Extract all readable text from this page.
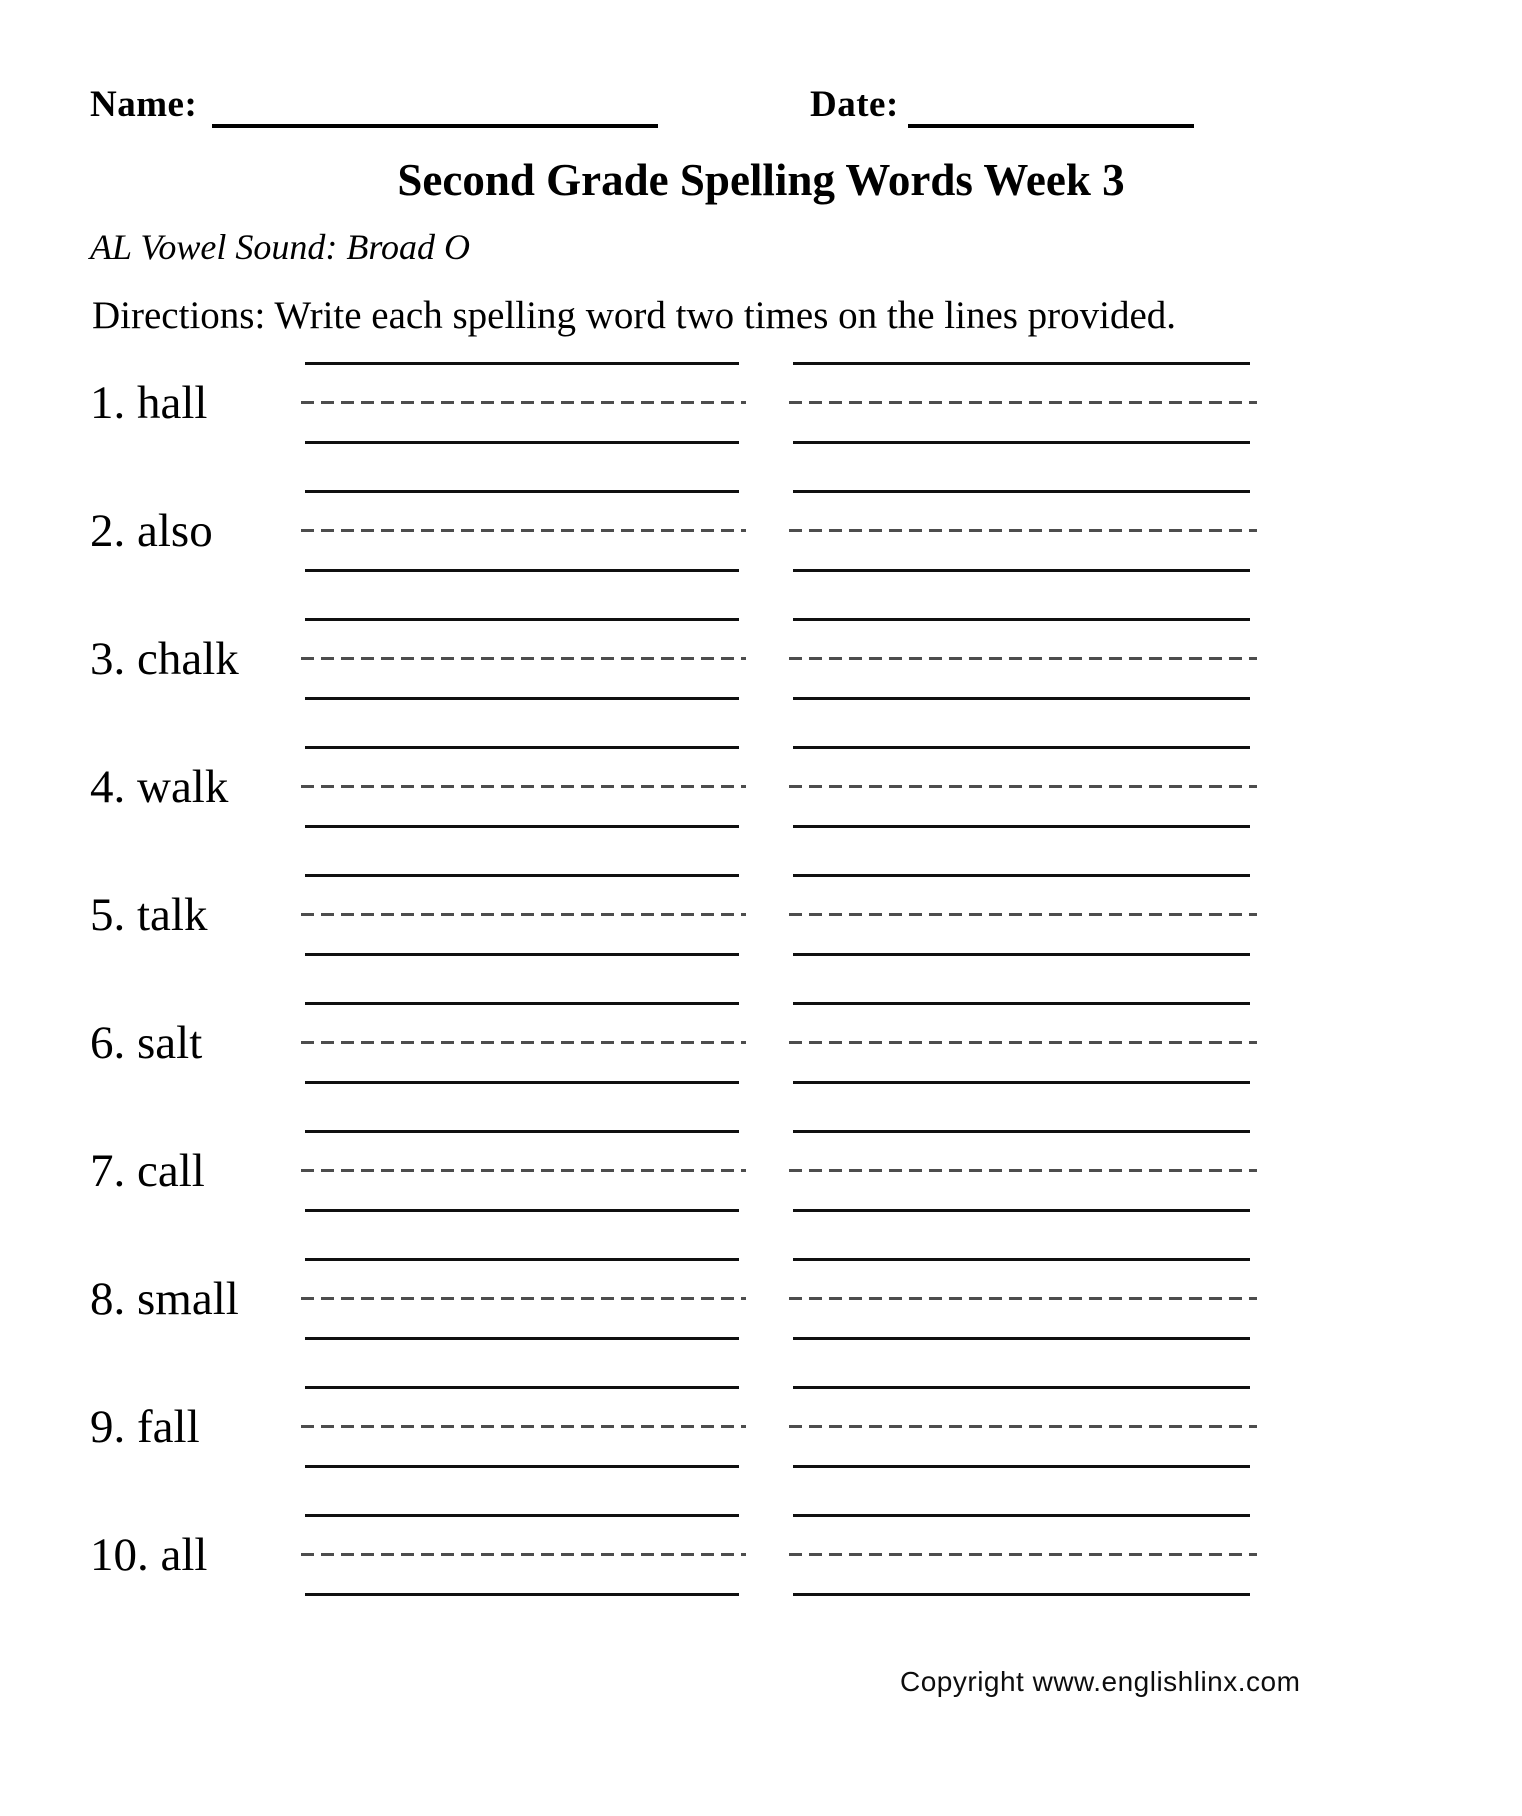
Name:	Date:
Second Grade Spelling Words Week 3
AL Vowel Sound: Broad O
Directions: Write each spelling word two times on the lines provided.
1. hall
2. also
3. chalk
4. walk
5. talk
6. salt
7. call
8. small
9. fall
10. all
Copyright www.englishlinx.com
